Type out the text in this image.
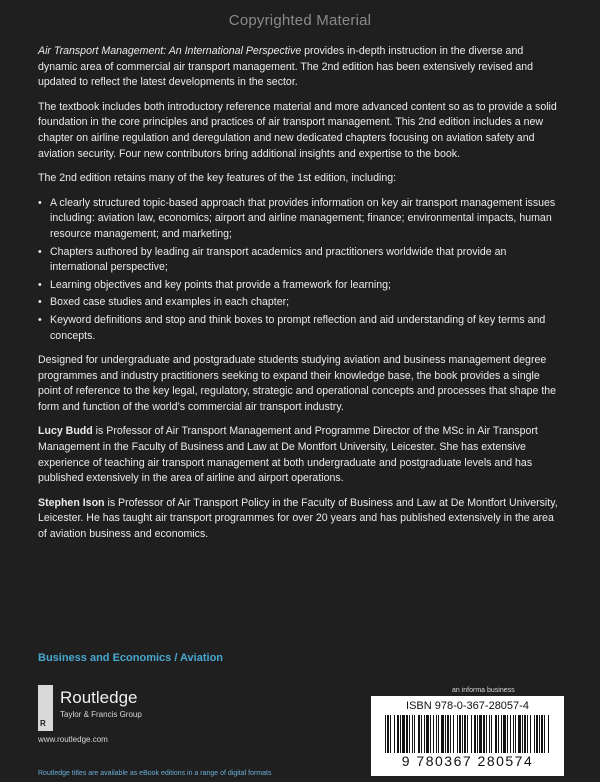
Copyrighted Material

Air Transport Management: An International Perspective provides in-depth instruction in the diverse and dynamic area of commercial air transport management. The 2nd edition has been extensively revised and updated to reflect the latest developments in the sector.

The textbook includes both introductory reference material and more advanced content so as to provide a solid foundation in the core principles and practices of air transport management. This 2nd edition includes a new chapter on airline regulation and deregulation and new dedicated chapters focusing on aviation safety and aviation security. Four new contributors bring additional insights and expertise to the book.

The 2nd edition retains many of the key features of the 1st edition, including:

• A clearly structured topic-based approach that provides information on key air transport management issues including: aviation law, economics; airport and airline management; finance; environmental impacts, human resource management; and marketing;
• Chapters authored by leading air transport academics and practitioners worldwide that provide an international perspective;
• Learning objectives and key points that provide a framework for learning;
• Boxed case studies and examples in each chapter;
• Keyword definitions and stop and think boxes to prompt reflection and aid understanding of key terms and concepts.

Designed for undergraduate and postgraduate students studying aviation and business management degree programmes and industry practitioners seeking to expand their knowledge base, the book provides a single point of reference to the key legal, regulatory, strategic and operational concepts and processes that shape the form and function of the world’s commercial air transport industry.

Lucy Budd is Professor of Air Transport Management and Programme Director of the MSc in Air Transport Management in the Faculty of Business and Law at De Montfort University, Leicester. She has extensive experience of teaching air transport management at both undergraduate and postgraduate levels and has published extensively in the area of airline and airport operations.

Stephen Ison is Professor of Air Transport Policy in the Faculty of Business and Law at De Montfort University, Leicester. He has taught air transport programmes for over 20 years and has published extensively in the area of aviation business and economics.

Business and Economics / Aviation
R
Routledge
Taylor & Francis Group
www.routledge.com
Routledge titles are available as eBook editions in a range of digital formats
an informa business
ISBN 978-0-367-28057-4
9 780367 280574
